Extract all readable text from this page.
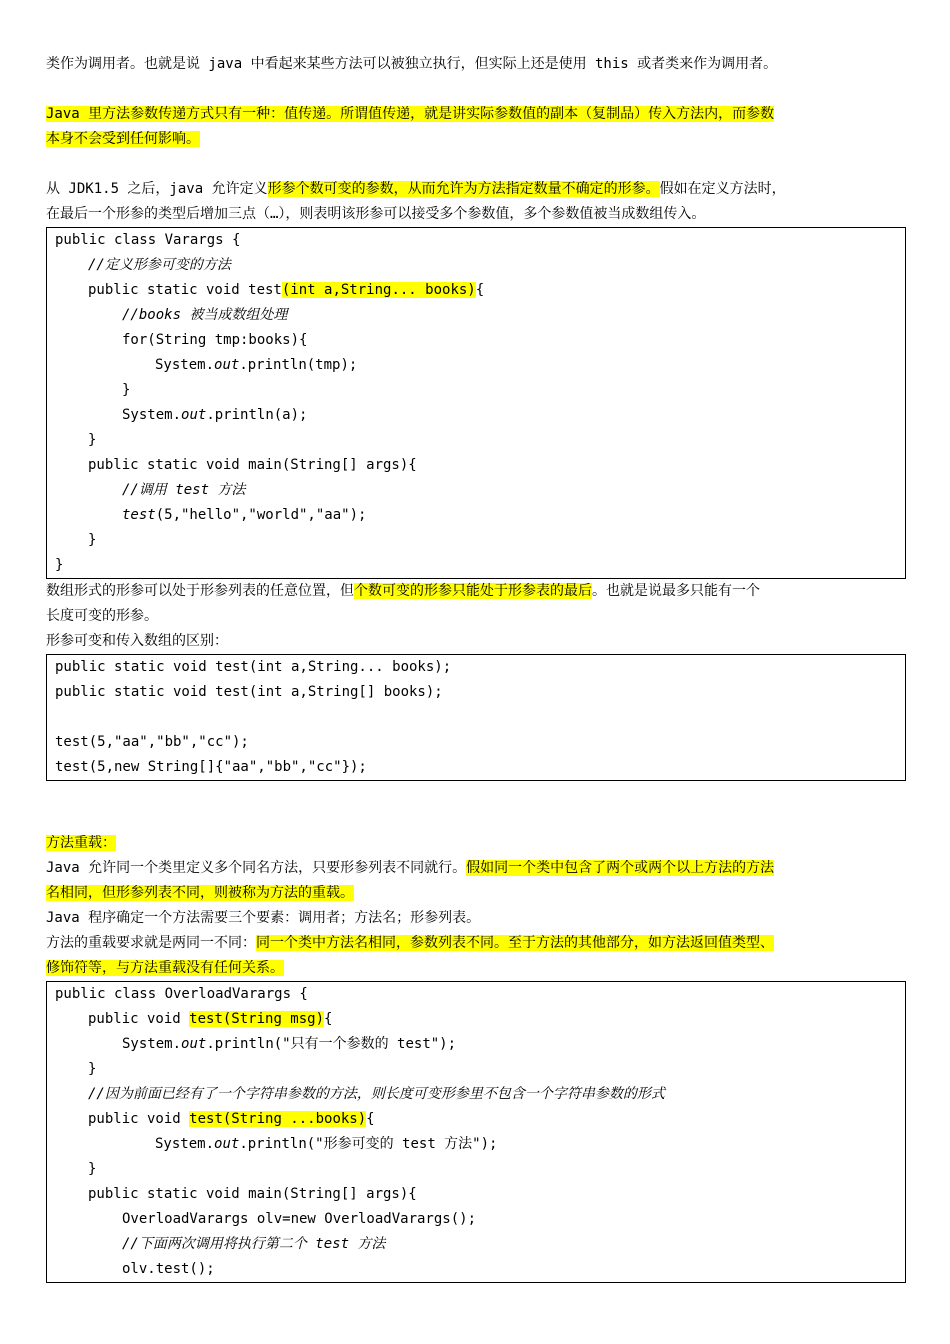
类作为调用者。也就是说 java 中看起来某些方法可以被独立执行，但实际上还是使用 this 或者类来作为调用者。
Java 里方法参数传递方式只有一种：值传递。所谓值传递，就是讲实际参数值的副本（复制品）传入方法内，而参数
本身不会受到任何影响。
从 JDK1.5 之后，java 允许定义形参个数可变的参数，从而允许为方法指定数量不确定的形参。假如在定义方法时，
在最后一个形参的类型后增加三点（…），则表明该形参可以接受多个参数值，多个参数值被当成数组传入。
public class Varargs {
//定义形参可变的方法
public static void test(int a,String... books){
//books 被当成数组处理
for(String tmp:books){
System.out.println(tmp);
}
System.out.println(a);
}
public static void main(String[] args){
//调用 test 方法
test(5,"hello","world","aa");
}
}
数组形式的形参可以处于形参列表的任意位置，但个数可变的形参只能处于形参表的最后。也就是说最多只能有一个
长度可变的形参。
形参可变和传入数组的区别：
public static void test(int a,String... books);
public static void test(int a,String[] books);
test(5,"aa","bb","cc");
test(5,new String[]{"aa","bb","cc"});
方法重载：
Java 允许同一个类里定义多个同名方法，只要形参列表不同就行。假如同一个类中包含了两个或两个以上方法的方法
名相同，但形参列表不同，则被称为方法的重载。
Java 程序确定一个方法需要三个要素：调用者；方法名；形参列表。
方法的重载要求就是两同一不同：同一个类中方法名相同，参数列表不同。至于方法的其他部分，如方法返回值类型、
修饰符等，与方法重载没有任何关系。
public class OverloadVarargs {
public void test(String msg){
System.out.println("只有一个参数的 test");
}
//因为前面已经有了一个字符串参数的方法，则长度可变形参里不包含一个字符串参数的形式
public void test(String ...books){
System.out.println("形参可变的 test 方法");
}
public static void main(String[] args){
OverloadVarargs olv=new OverloadVarargs();
//下面两次调用将执行第二个 test 方法
olv.test();
